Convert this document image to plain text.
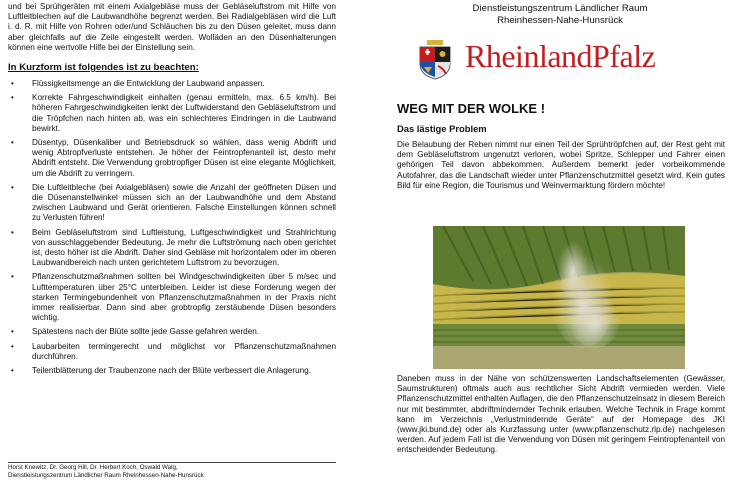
und bei Sprühgeräten mit einem Axialgebläse muss der Gebläseluftstrom mit Hilfe von Luftleitblechen auf die Laubwandhöhe begrenzt werden. Bei Radialgebläsen wird die Luft i. d. R. mit Hilfe von Rohren oder/und Schläuchen bis zu den Düsen geleitet, muss dann aber gleichfalls auf die Zeile eingestellt werden. Wolläden an den Düsenhalterungen können eine wertvolle Hilfe bei der Einstellung sein.

In Kurzform ist folgendes ist zu beachten:
• Flüssigkeitsmenge an die Entwicklung der Laubwand anpassen.
• Korrekte Fahrgeschwindigkeit einhalten (genau ermitteln, max. 6.5 km/h). Bei höheren Fahrgeschwindigkeiten lenkt der Luftwiderstand den Gebläseluftstrom und die Tröpfchen nach hinten ab, was ein schlechteres Eindringen in die Laubwand bewirkt.
• Düsentyp, Düsenkaliber und Betriebsdruck so wählen, dass wenig Abdrift und wenig Abtropfverluste entstehen. Je höher der Feintropfenanteil ist, desto mehr Abdrift entsteht. Die Verwendung grobtropfiger Düsen ist eine elegante Möglichkeit, um die Abdrift zu verringern.
• Die Luftleitbleche (bei Axialgebläsen) sowie die Anzahl der geöffneten Düsen und die Düsenanstellwinkel müssen sich an der Laubwandhöhe und dem Abstand zwischen Laubwand und Gerät orientieren. Falsche Einstellungen können schnell zu Verlusten führen!
• Beim Gebläseluftstrom sind Luftleistung, Luftgeschwindigkeit und Strahlrichtung von ausschlaggebender Bedeutung. Je mehr die Luftströmung nach oben gerichtet ist, desto höher ist die Abdrift. Daher sind Gebläse mit horizontalem oder im oberen Laubwandbereich nach unten gerichtetem Luftstrom zu bevorzugen.
• Pflanzenschutzmaßnahmen sollten bei Windgeschwindigkeiten über 5 m/sec und Lufttemperaturen über 25°C unterbleiben. Leider ist diese Forderung wegen der starken Termingebundenheit von Pflanzenschutzmaßnahmen in der Praxis nicht immer realisierbar. Dann sind aber grobtropfig zerstäubende Düsen besonders wichtig.
• Spätestens nach der Blüte sollte jede Gasse gefahren werden.
• Laubarbeiten termingerecht und möglichst vor Pflanzenschutzmaßnahmen durchführen.
• Teilentblätterung der Traubenzone nach der Blüte verbessert die Anlagerung.
Horst Knewitz, Dr. Georg Hill, Dr. Herbert Koch, Oswald Walg,
Dienstleistungszentrum Ländlicher Raum Rheinhessen-Nahe-Hunsrück
Dienstleistungszentrum Ländlicher Raum
Rheinhessen-Nahe-Hunsrück
RheinlandPfalz
WEG MIT DER WOLKE !
Das lästige Problem

Die Belaubung der Reben nimmt nur einen Teil der Sprühtröpfchen auf, der Rest geht mit dem Gebläseluftstrom ungenutzt verloren, wobei Spritze, Schlepper und Fahrer einen gehörigen Teil davon abbekommen. Außerdem bemerkt jeder vorbeikommende Autofahrer, das die Landschaft wieder unter Pflanzenschutzmittel gesetzt wird. Kein gutes Bild für eine Region, die Tourismus und Weinvermarktung fördern möchte!

Daneben muss in der Nähe von schützenswerten Landschaftselementen (Gewässer, Saumstrukturen) oftmals auch aus rechtlicher Sicht Abdrift vermieden werden. Viele Pflanzenschutzmittel enthalten Auflagen, die den Pflanzenschutzeinsatz in diesem Bereich nur mit bestimmter, abdriftmindernder Technik erlauben. Welche Technik in Frage kommt kann im Verzeichnis „Verlustmindernde Geräte“ auf der Homepage des JKI (www.jki.bund.de) oder als Kurzfassung unter (www.pflanzenschutz.rlp.de) nachgelesen werden. Auf jedem Fall ist die Verwendung von Düsen mit geringem Feintropfenanteil von entscheidender Bedeutung.
